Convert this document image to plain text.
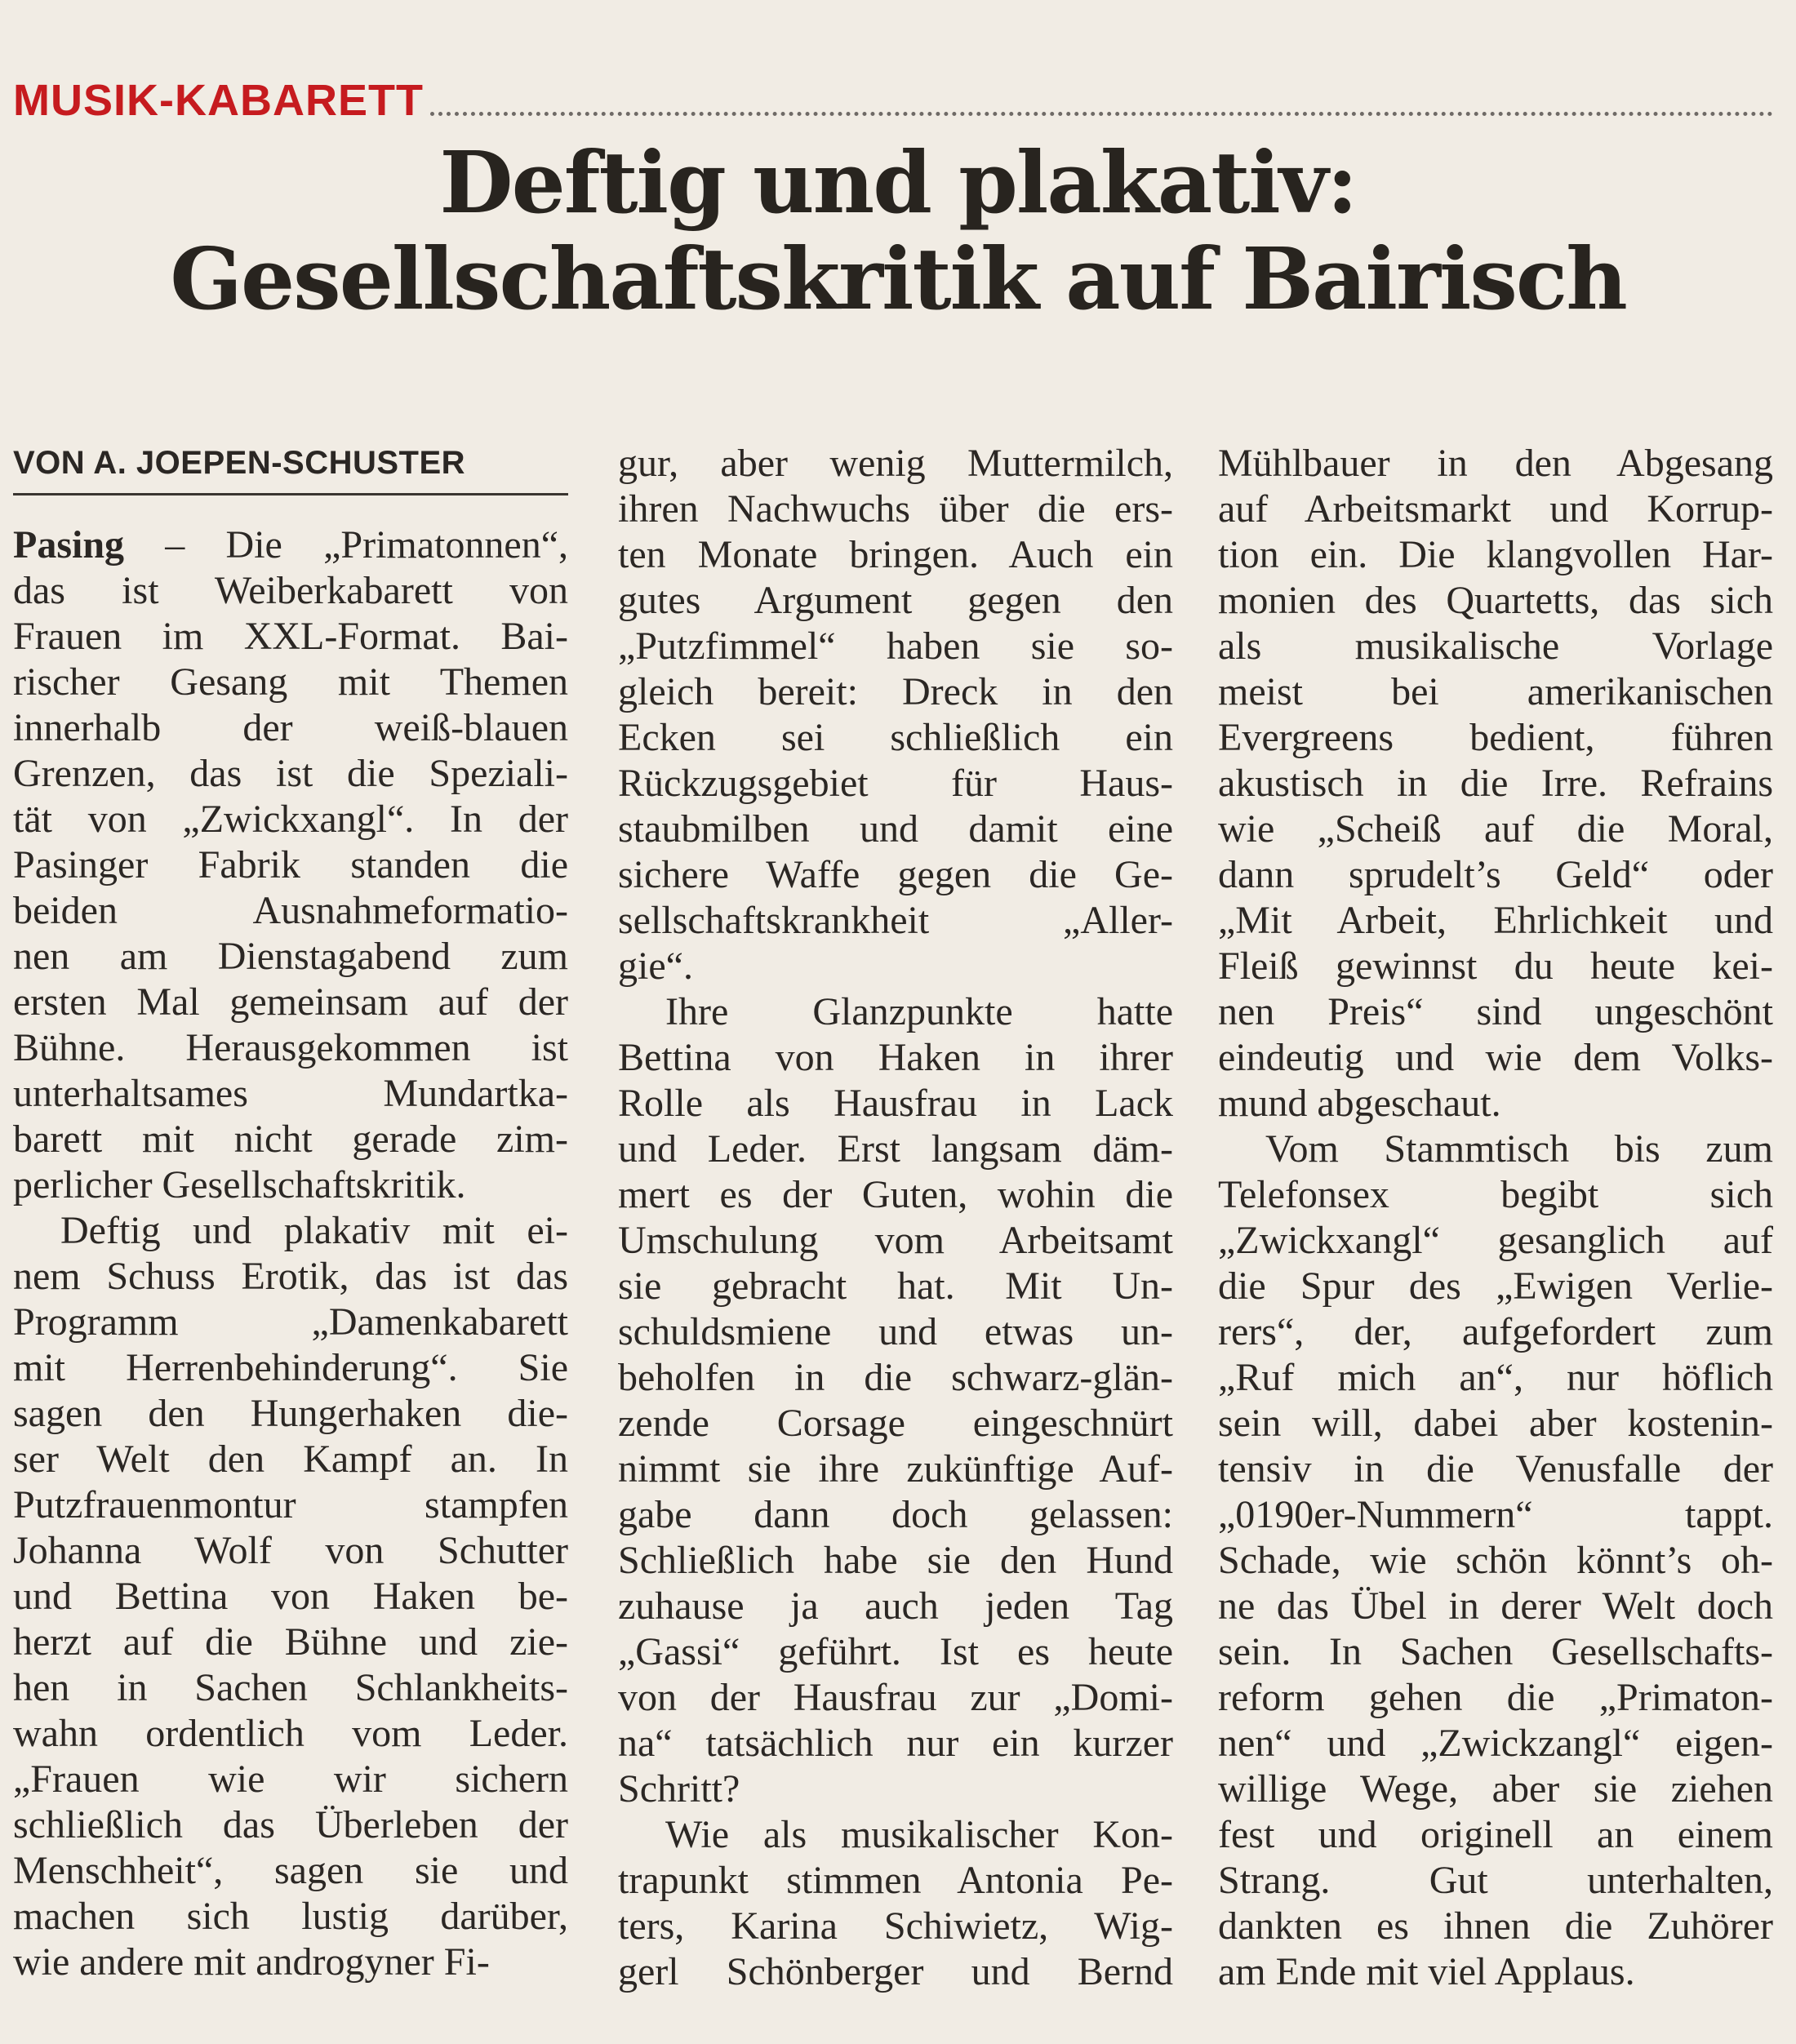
MUSIK-KABARETT
Deftig und plakativ:
Gesellschaftskritik auf Bairisch
VON A. JOEPEN-SCHUSTER
Pasing – Die „Primatonnen“,
das ist Weiberkabarett von
Frauen im XXL-Format. Bai-
rischer Gesang mit Themen
innerhalb der weiß-blauen
Grenzen, das ist die Speziali-
tät von „Zwickxangl“. In der
Pasinger Fabrik standen die
beiden Ausnahmeformatio-
nen am Dienstagabend zum
ersten Mal gemeinsam auf der
Bühne. Herausgekommen ist
unterhaltsames Mundartka-
barett mit nicht gerade zim-
perlicher Gesellschaftskritik.
Deftig und plakativ mit ei-
nem Schuss Erotik, das ist das
Programm „Damenkabarett
mit Herrenbehinderung“. Sie
sagen den Hungerhaken die-
ser Welt den Kampf an. In
Putzfrauenmontur stampfen
Johanna Wolf von Schutter
und Bettina von Haken be-
herzt auf die Bühne und zie-
hen in Sachen Schlankheits-
wahn ordentlich vom Leder.
„Frauen wie wir sichern
schließlich das Überleben der
Menschheit“, sagen sie und
machen sich lustig darüber,
wie andere mit androgyner Fi-
gur, aber wenig Muttermilch,
ihren Nachwuchs über die ers-
ten Monate bringen. Auch ein
gutes Argument gegen den
„Putzfimmel“ haben sie so-
gleich bereit: Dreck in den
Ecken sei schließlich ein
Rückzugsgebiet für Haus-
staubmilben und damit eine
sichere Waffe gegen die Ge-
sellschaftskrankheit „Aller-
gie“.
Ihre Glanzpunkte hatte
Bettina von Haken in ihrer
Rolle als Hausfrau in Lack
und Leder. Erst langsam däm-
mert es der Guten, wohin die
Umschulung vom Arbeitsamt
sie gebracht hat. Mit Un-
schuldsmiene und etwas un-
beholfen in die schwarz-glän-
zende Corsage eingeschnürt
nimmt sie ihre zukünftige Auf-
gabe dann doch gelassen:
Schließlich habe sie den Hund
zuhause ja auch jeden Tag
„Gassi“ geführt. Ist es heute
von der Hausfrau zur „Domi-
na“ tatsächlich nur ein kurzer
Schritt?
Wie als musikalischer Kon-
trapunkt stimmen Antonia Pe-
ters, Karina Schiwietz, Wig-
gerl Schönberger und Bernd
Mühlbauer in den Abgesang
auf Arbeitsmarkt und Korrup-
tion ein. Die klangvollen Har-
monien des Quartetts, das sich
als musikalische Vorlage
meist bei amerikanischen
Evergreens bedient, führen
akustisch in die Irre. Refrains
wie „Scheiß auf die Moral,
dann sprudelt’s Geld“ oder
„Mit Arbeit, Ehrlichkeit und
Fleiß gewinnst du heute kei-
nen Preis“ sind ungeschönt
eindeutig und wie dem Volks-
mund abgeschaut.
Vom Stammtisch bis zum
Telefonsex begibt sich
„Zwickxangl“ gesanglich auf
die Spur des „Ewigen Verlie-
rers“, der, aufgefordert zum
„Ruf mich an“, nur höflich
sein will, dabei aber kostenin-
tensiv in die Venusfalle der
„0190er-Nummern“ tappt.
Schade, wie schön könnt’s oh-
ne das Übel in derer Welt doch
sein. In Sachen Gesellschafts-
reform gehen die „Primaton-
nen“ und „Zwickzangl“ eigen-
willige Wege, aber sie ziehen
fest und originell an einem
Strang. Gut unterhalten,
dankten es ihnen die Zuhörer
am Ende mit viel Applaus.
